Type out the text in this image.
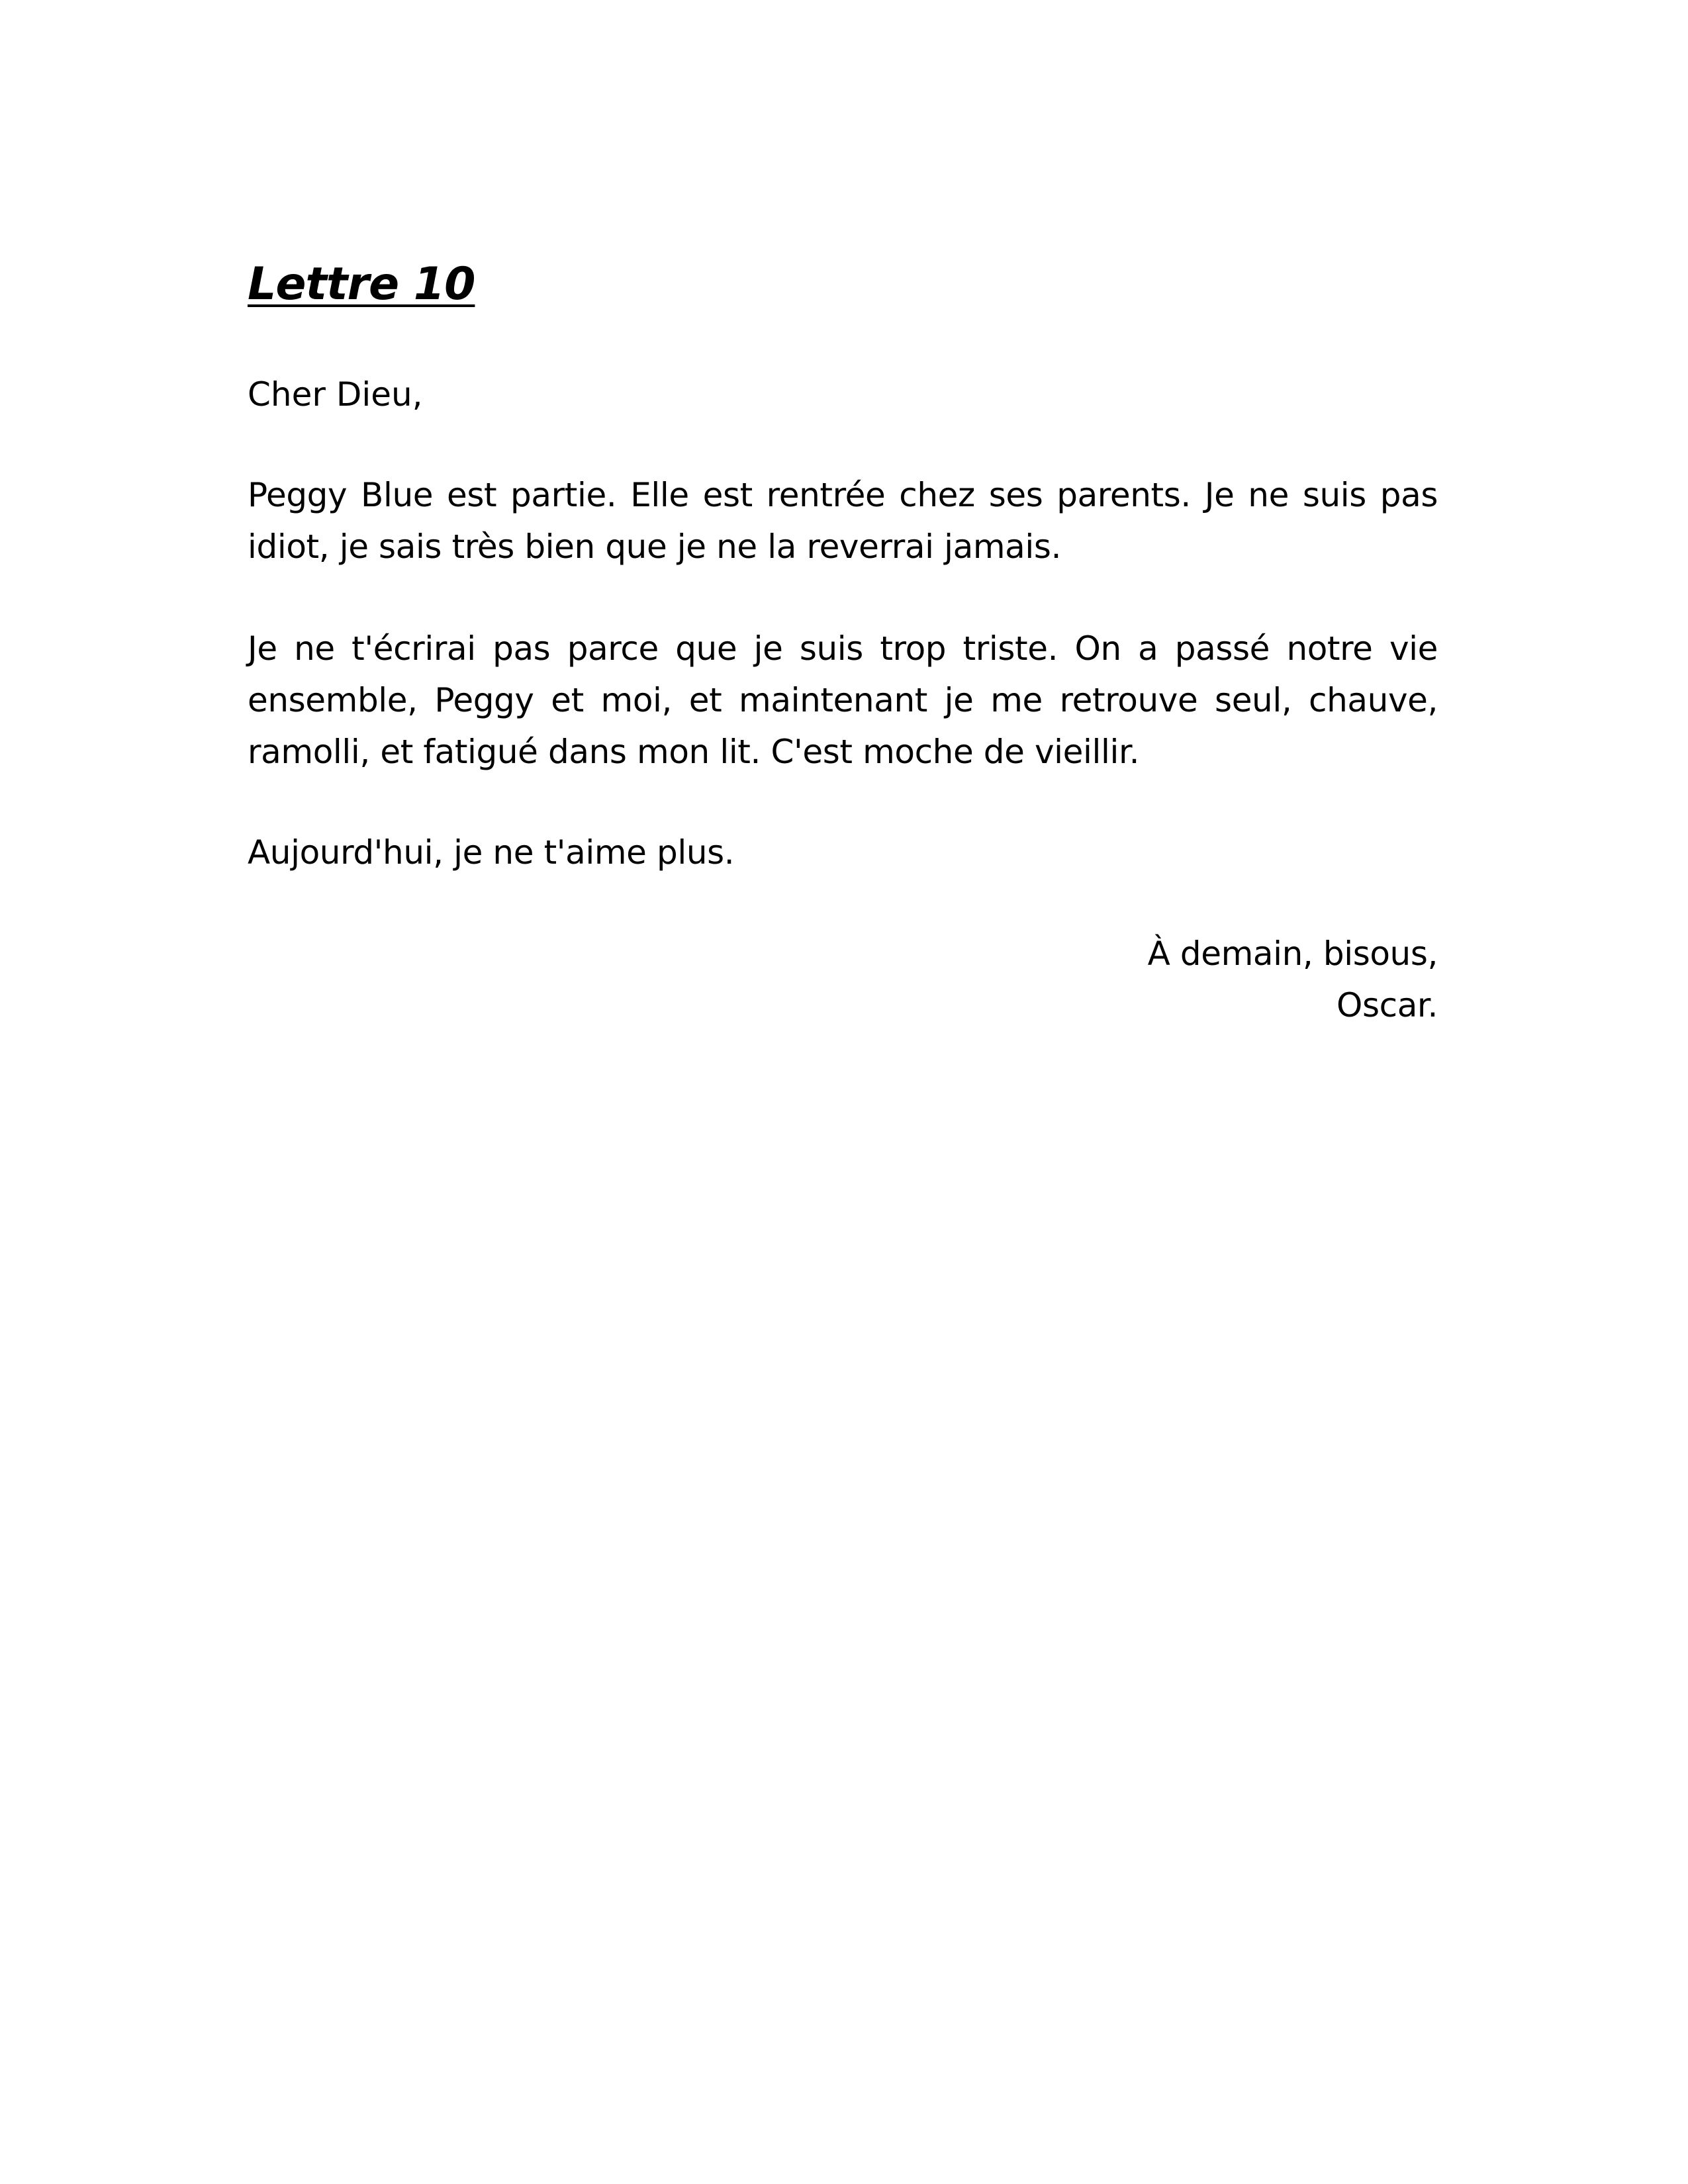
Lettre 10

Cher Dieu,

Peggy Blue est partie. Elle est rentrée chez ses parents. Je ne suis pas idiot, je sais très bien que je ne la reverrai jamais.

Je ne t'écrirai pas parce que je suis trop triste. On a passé notre vie ensemble, Peggy et moi, et maintenant je me retrouve seul, chauve, ramolli, et fatigué dans mon lit. C'est moche de vieillir.

Aujourd'hui, je ne t'aime plus.

À demain, bisous,
Oscar.
